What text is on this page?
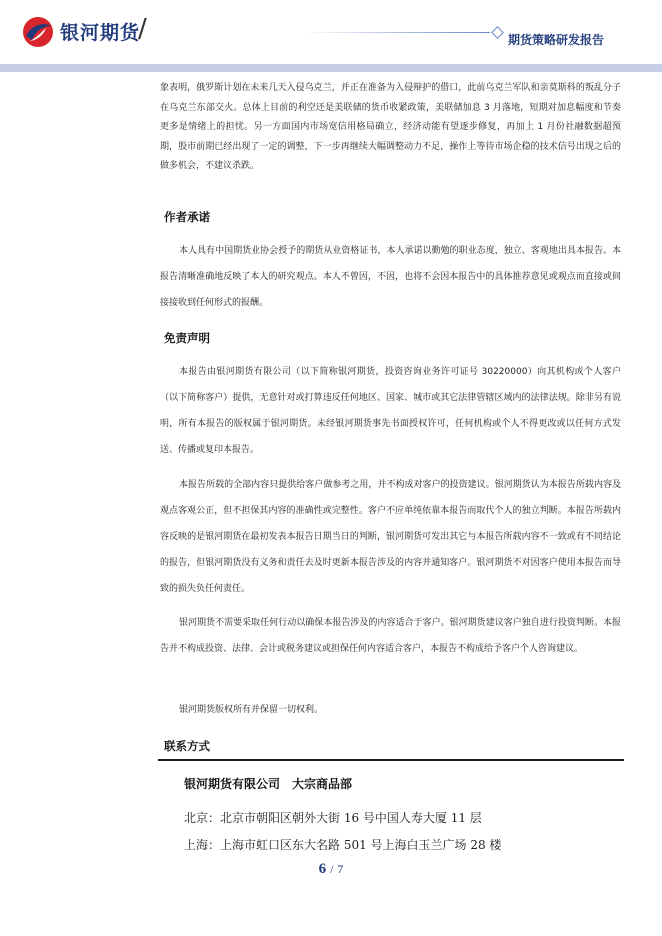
银河期货
/	期货策略研发报告

象表明，俄罗斯计划在未来几天入侵乌克兰，并正在准备为入侵辩护的借口，此前乌克兰军队和亲莫斯科的叛乱分子在乌克兰东部交火。总体上目前的利空还是美联储的货币收紧政策，美联储加息 3 月落地，短期对加息幅度和节奏更多是情绪上的担忧。另一方面国内市场宽信用格局确立，经济动能有望逐步修复，再加上 1 月份社融数据超预期，股市前期已经出现了一定的调整，下一步再继续大幅调整动力不足，操作上等待市场企稳的技术信号出现之后的做多机会，不建议杀跌。

作者承诺

本人具有中国期货业协会授予的期货从业资格证书，本人承诺以勤勉的职业态度，独立、客观地出具本报告。本报告清晰准确地反映了本人的研究观点。本人不曾因，不因，也将不会因本报告中的具体推荐意见或观点而直接或间接接收到任何形式的报酬。

免责声明

本报告由银河期货有限公司（以下简称银河期货，投资咨询业务许可证号 30220000）向其机构或个人客户（以下简称客户）提供，无意针对或打算违反任何地区、国家、城市或其它法律管辖区域内的法律法规。除非另有说明，所有本报告的版权属于银河期货。未经银河期货事先书面授权许可，任何机构或个人不得更改或以任何方式发送、传播或复印本报告。

本报告所载的全部内容只提供给客户做参考之用，并不构成对客户的投资建议。银河期货认为本报告所载内容及观点客观公正，但不担保其内容的准确性或完整性。客户不应单纯依靠本报告而取代个人的独立判断。本报告所载内容反映的是银河期货在最初发表本报告日期当日的判断，银河期货可发出其它与本报告所载内容不一致或有不同结论的报告，但银河期货没有义务和责任去及时更新本报告涉及的内容并通知客户。银河期货不对因客户使用本报告而导致的损失负任何责任。

银河期货不需要采取任何行动以确保本报告涉及的内容适合于客户。银河期货建议客户独自进行投资判断。本报告并不构成投资、法律、会计或税务建议或担保任何内容适合客户，本报告不构成给予客户个人咨询建议。

银河期货版权所有并保留一切权利。

联系方式
银河期货有限公司 大宗商品部
北京：北京市朝阳区朝外大街 16 号中国人寿大厦 11 层
上海：上海市虹口区东大名路 501 号上海白玉兰广场 28 楼
6 / 7
